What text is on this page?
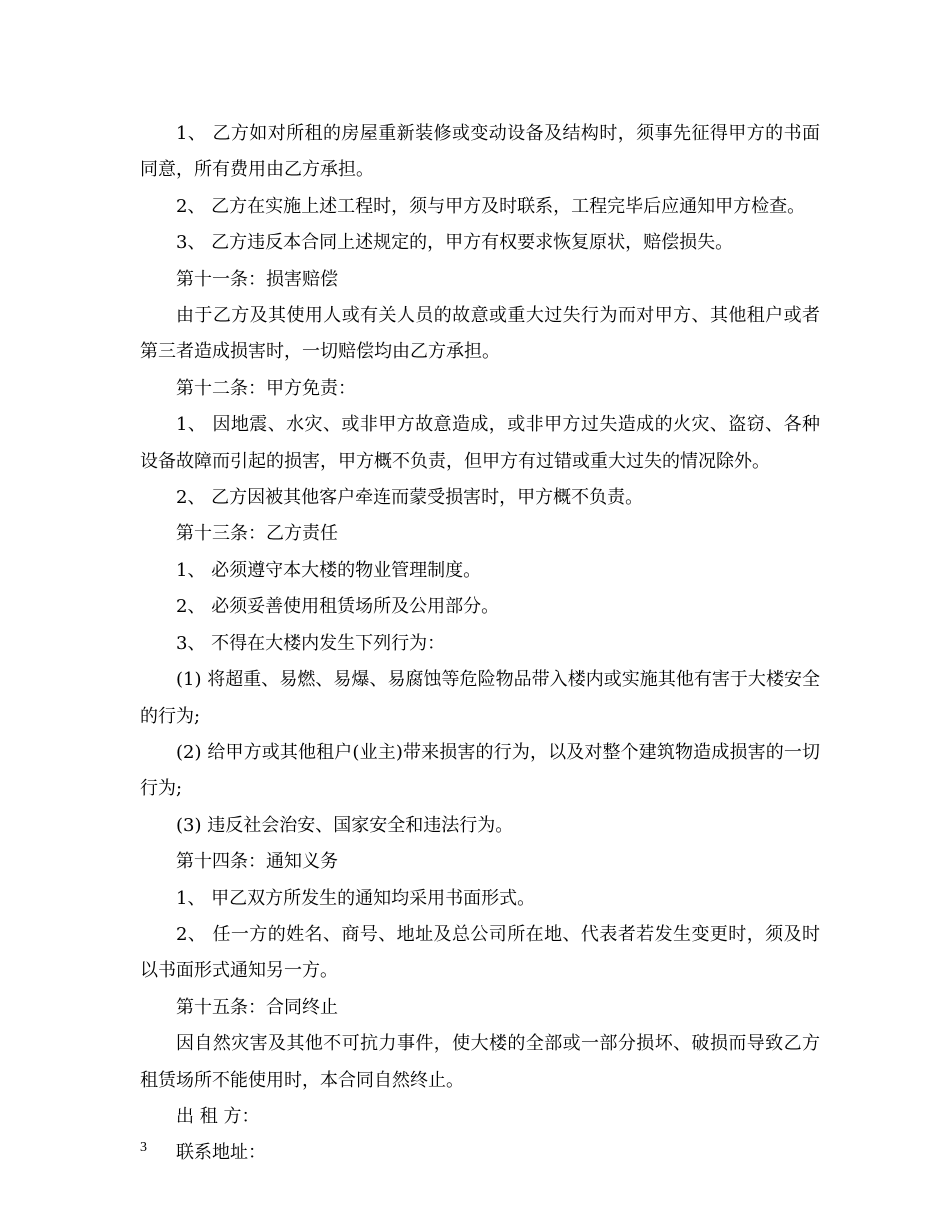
1、 乙方如对所租的房屋重新装修或变动设备及结构时，须事先征得甲方的书面同意，所有费用由乙方承担。

2、 乙方在实施上述工程时，须与甲方及时联系，工程完毕后应通知甲方检查。

3、 乙方违反本合同上述规定的，甲方有权要求恢复原状，赔偿损失。

第十一条：损害赔偿

由于乙方及其使用人或有关人员的故意或重大过失行为而对甲方、其他租户或者第三者造成损害时，一切赔偿均由乙方承担。

第十二条：甲方免责：

1、 因地震、水灾、或非甲方故意造成，或非甲方过失造成的火灾、盗窃、各种设备故障而引起的损害，甲方概不负责，但甲方有过错或重大过失的情况除外。

2、 乙方因被其他客户牵连而蒙受损害时，甲方概不负责。

第十三条：乙方责任

1、 必须遵守本大楼的物业管理制度。

2、 必须妥善使用租赁场所及公用部分。

3、 不得在大楼内发生下列行为：

(1) 将超重、易燃、易爆、易腐蚀等危险物品带入楼内或实施其他有害于大楼安全的行为;

(2) 给甲方或其他租户(业主)带来损害的行为，以及对整个建筑物造成损害的一切行为;

(3) 违反社会治安、国家安全和违法行为。

第十四条：通知义务

1、 甲乙双方所发生的通知均采用书面形式。

2、 任一方的姓名、商号、地址及总公司所在地、代表者若发生变更时，须及时以书面形式通知另一方。

第十五条：合同终止

因自然灾害及其他不可抗力事件，使大楼的全部或一部分损坏、破损而导致乙方租赁场所不能使用时，本合同自然终止。

出 租 方：

联系地址：

3
